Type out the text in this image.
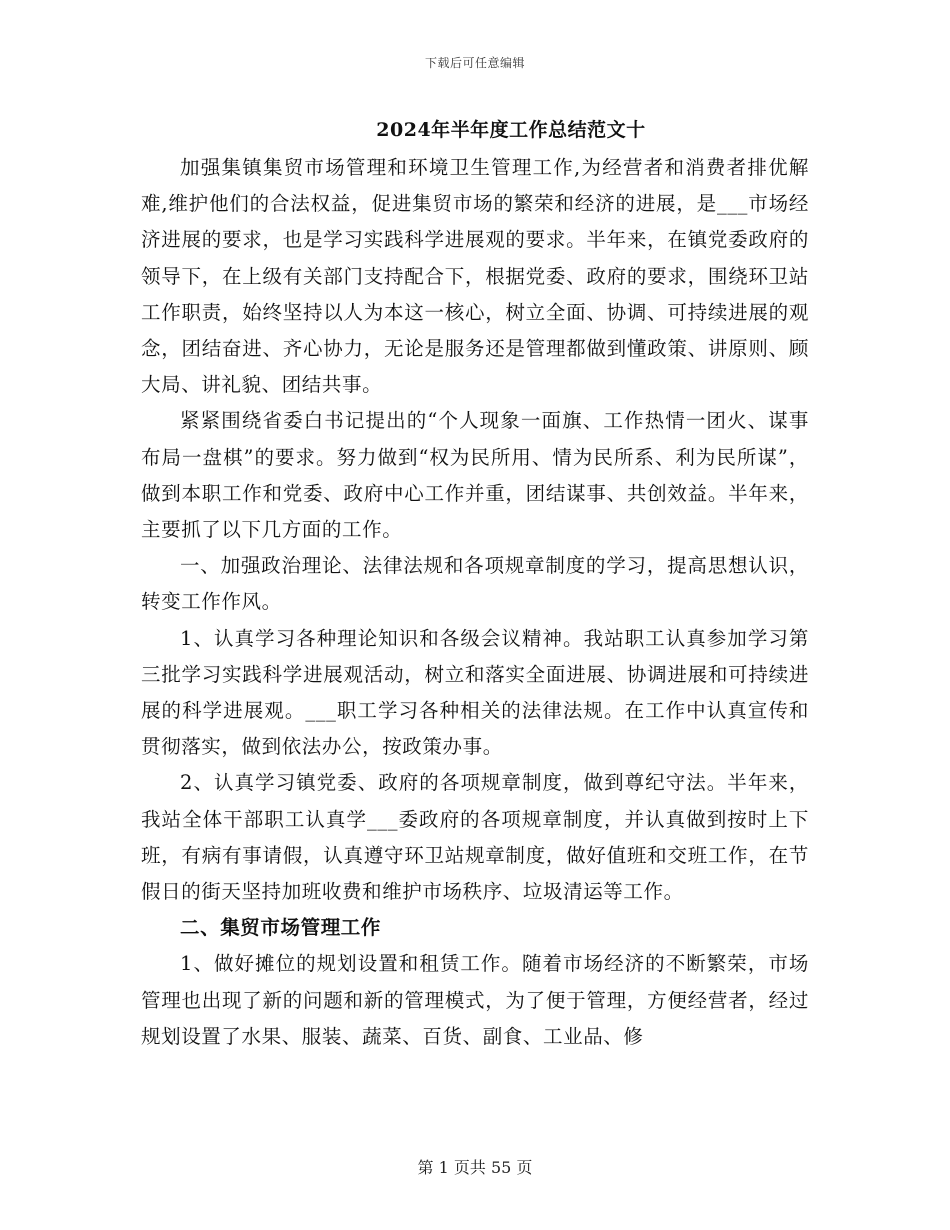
下载后可任意编辑
2024年半年度工作总结范文十

加强集镇集贸市场管理和环境卫生管理工作,为经营者和消费者排优解难,维护他们的合法权益，促进集贸市场的繁荣和经济的进展，是___市场经济进展的要求，也是学习实践科学进展观的要求。半年来，在镇党委政府的领导下，在上级有关部门支持配合下，根据党委、政府的要求，围绕环卫站工作职责，始终坚持以人为本这一核心，树立全面、协调、可持续进展的观念，团结奋进、齐心协力，无论是服务还是管理都做到懂政策、讲原则、顾大局、讲礼貌、团结共事。

紧紧围绕省委白书记提出的“个人现象一面旗、工作热情一团火、谋事布局一盘棋”的要求。努力做到“权为民所用、情为民所系、利为民所谋”，做到本职工作和党委、政府中心工作并重，团结谋事、共创效益。半年来，主要抓了以下几方面的工作。

一、加强政治理论、法律法规和各项规章制度的学习，提高思想认识，转变工作作风。

1、认真学习各种理论知识和各级会议精神。我站职工认真参加学习第三批学习实践科学进展观活动，树立和落实全面进展、协调进展和可持续进展的科学进展观。___职工学习各种相关的法律法规。在工作中认真宣传和贯彻落实，做到依法办公，按政策办事。

2、认真学习镇党委、政府的各项规章制度，做到尊纪守法。半年来，我站全体干部职工认真学___委政府的各项规章制度，并认真做到按时上下班，有病有事请假，认真遵守环卫站规章制度，做好值班和交班工作，在节假日的街天坚持加班收费和维护市场秩序、垃圾清运等工作。

二、集贸市场管理工作

1、做好摊位的规划设置和租赁工作。随着市场经济的不断繁荣，市场管理也出现了新的问题和新的管理模式，为了便于管理，方便经营者，经过规划设置了水果、服装、蔬菜、百货、副食、工业品、修

第 1 页共 55 页
